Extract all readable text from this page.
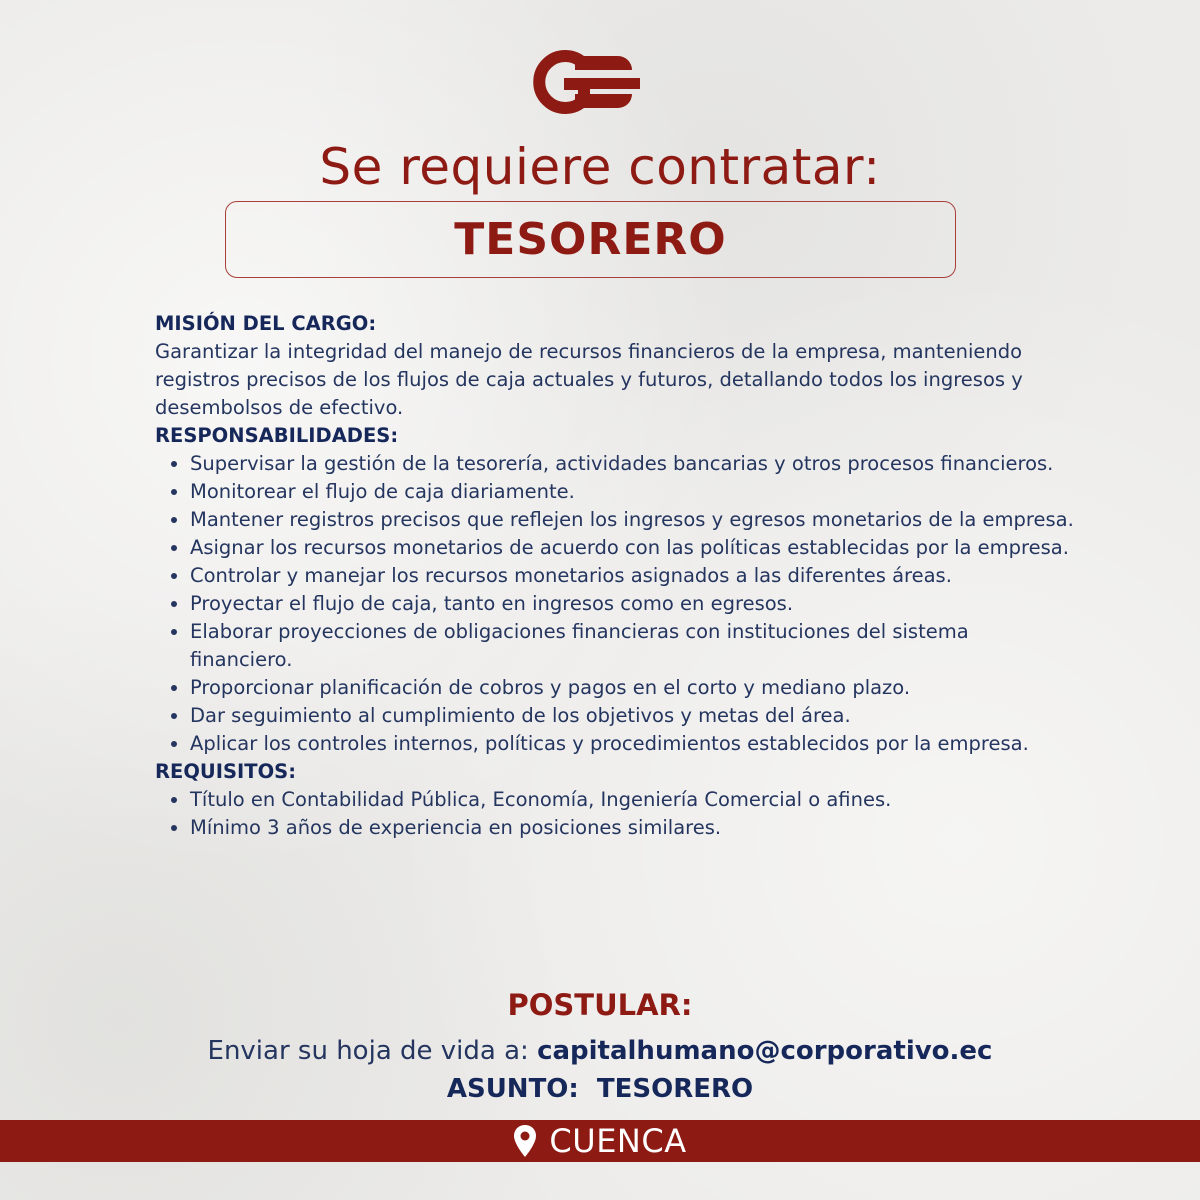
Se requiere contratar:
TESORERO

MISIÓN DEL CARGO:

Garantizar la integridad del manejo de recursos financieros de la empresa, manteniendo registros precisos de los flujos de caja actuales y futuros, detallando todos los ingresos y desembolsos de efectivo.

RESPONSABILIDADES:

• Supervisar la gestión de la tesorería, actividades bancarias y otros procesos financieros.
• Monitorear el flujo de caja diariamente.
• Mantener registros precisos que reflejen los ingresos y egresos monetarios de la empresa.
• Asignar los recursos monetarios de acuerdo con las políticas establecidas por la empresa.
• Controlar y manejar los recursos monetarios asignados a las diferentes áreas.
• Proyectar el flujo de caja, tanto en ingresos como en egresos.
• Elaborar proyecciones de obligaciones financieras con instituciones del sistema financiero.
• Proporcionar planificación de cobros y pagos en el corto y mediano plazo.
• Dar seguimiento al cumplimiento de los objetivos y metas del área.
• Aplicar los controles internos, políticas y procedimientos establecidos por la empresa.

REQUISITOS:

• Título en Contabilidad Pública, Economía, Ingeniería Comercial o afines.
• Mínimo 3 años de experiencia en posiciones similares.

POSTULAR:

Enviar su hoja de vida a: capitalhumano@corporativo.ec

ASUNTO:  TESORERO

CUENCA
